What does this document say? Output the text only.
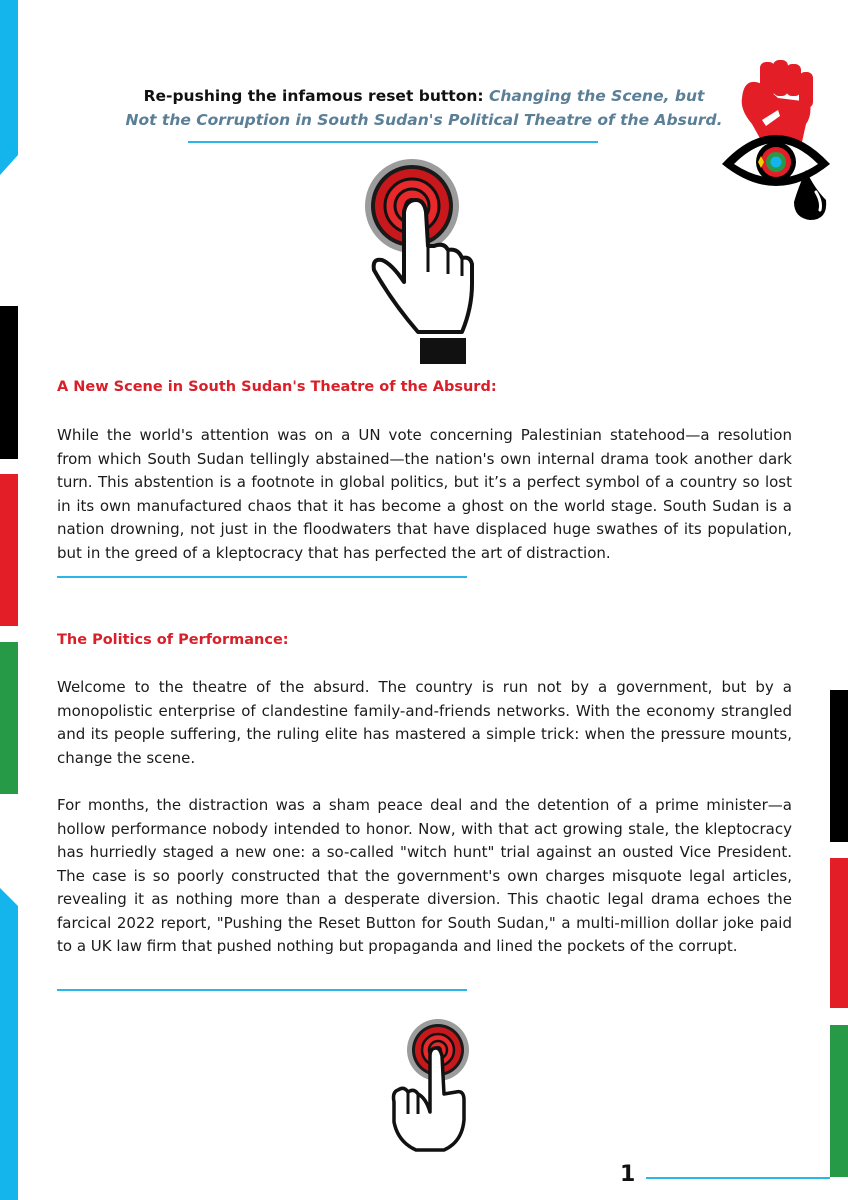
Re-pushing the infamous reset button: Changing the Scene, but
Not the Corruption in South Sudan's Political Theatre of the Absurd.
A New Scene in South Sudan's Theatre of the Absurd:

While the world's attention was on a UN vote concerning Palestinian statehood—a resolution from which South Sudan tellingly abstained—the nation's own internal drama took another dark turn. This abstention is a footnote in global politics, but it’s a perfect symbol of a country so lost in its own manufactured chaos that it has become a ghost on the world stage. South Sudan is a nation drowning, not just in the floodwaters that have displaced huge swathes of its population, but in the greed of a kleptocracy that has perfected the art of distraction.

The Politics of Performance:

Welcome to the theatre of the absurd. The country is run not by a government, but by a monopolistic enterprise of clandestine family-and-friends networks. With the economy strangled and its people suffering, the ruling elite has mastered a simple trick: when the pressure mounts, change the scene.

For months, the distraction was a sham peace deal and the detention of a prime minister—a hollow performance nobody intended to honor. Now, with that act growing stale, the kleptocracy has hurriedly staged a new one: a so-called "witch hunt" trial against an ousted Vice President. The case is so poorly constructed that the government's own charges misquote legal articles, revealing it as nothing more than a desperate diversion. This chaotic legal drama echoes the farcical 2022 report, "Pushing the Reset Button for South Sudan," a multi-million dollar joke paid to a UK law firm that pushed nothing but propaganda and lined the pockets of the corrupt.

1
